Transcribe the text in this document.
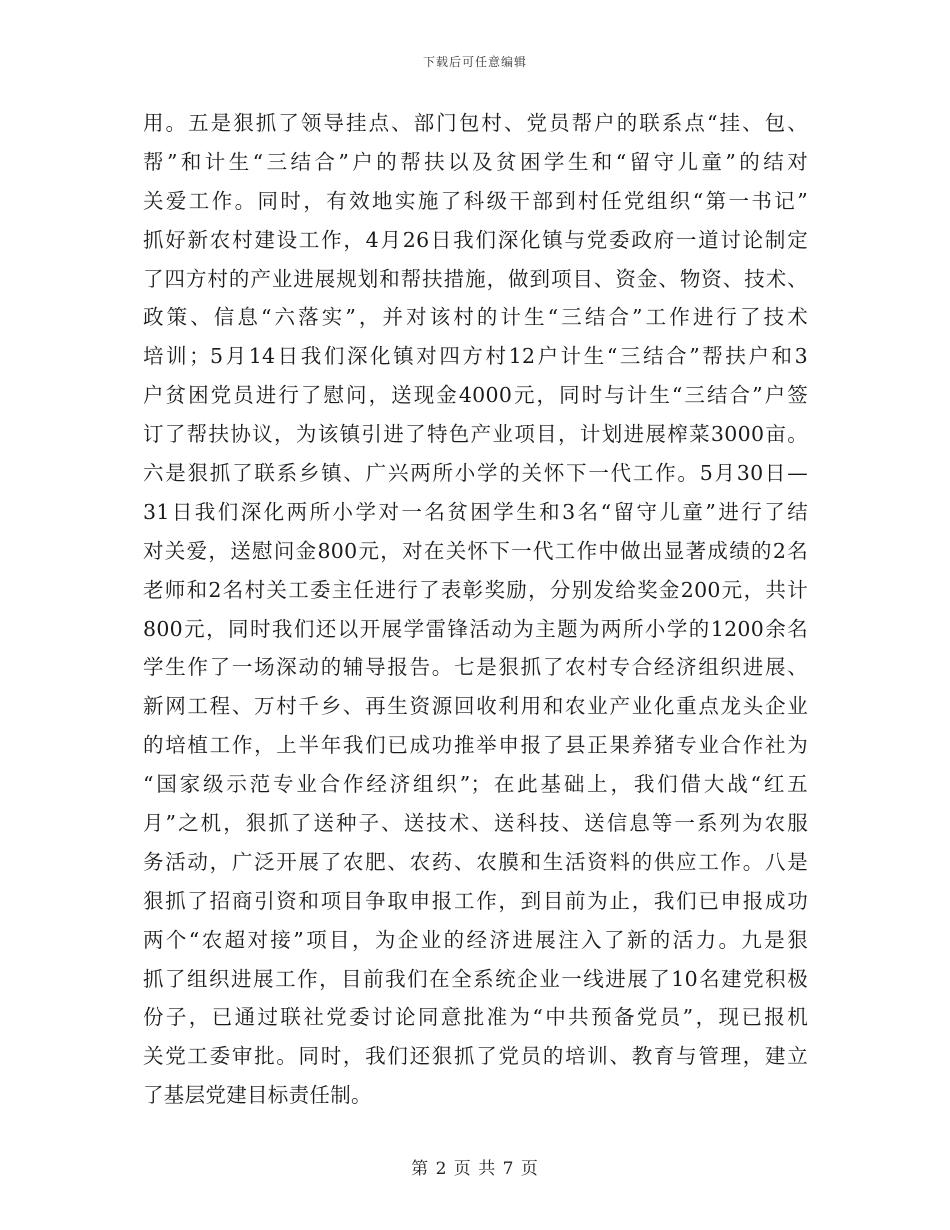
下载后可任意编辑
用。五是狠抓了领导挂点、部门包村、党员帮户的联系点“挂、包、
帮”和计生“三结合”户的帮扶以及贫困学生和“留守儿童”的结对
关爱工作。同时，有效地实施了科级干部到村任党组织“第一书记”
抓好新农村建设工作，4月26日我们深化镇与党委政府一道讨论制定
了四方村的产业进展规划和帮扶措施，做到项目、资金、物资、技术、
政策、信息“六落实”，并对该村的计生“三结合”工作进行了技术
培训；5月14日我们深化镇对四方村12户计生“三结合”帮扶户和3
户贫困党员进行了慰问，送现金4000元，同时与计生“三结合”户签
订了帮扶协议，为该镇引进了特色产业项目，计划进展榨菜3000亩。
六是狠抓了联系乡镇、广兴两所小学的关怀下一代工作。5月30日—
31日我们深化两所小学对一名贫困学生和3名“留守儿童”进行了结
对关爱，送慰问金800元，对在关怀下一代工作中做出显著成绩的2名
老师和2名村关工委主任进行了表彰奖励，分别发给奖金200元，共计
800元，同时我们还以开展学雷锋活动为主题为两所小学的1200余名
学生作了一场深动的辅导报告。七是狠抓了农村专合经济组织进展、
新网工程、万村千乡、再生资源回收利用和农业产业化重点龙头企业
的培植工作，上半年我们已成功推举申报了县正果养猪专业合作社为
“国家级示范专业合作经济组织”；在此基础上，我们借大战“红五
月”之机，狠抓了送种子、送技术、送科技、送信息等一系列为农服
务活动，广泛开展了农肥、农药、农膜和生活资料的供应工作。八是
狠抓了招商引资和项目争取申报工作，到目前为止，我们已申报成功
两个“农超对接”项目，为企业的经济进展注入了新的活力。九是狠
抓了组织进展工作，目前我们在全系统企业一线进展了10名建党积极
份子，已通过联社党委讨论同意批准为“中共预备党员”，现已报机
关党工委审批。同时，我们还狠抓了党员的培训、教育与管理，建立
了基层党建目标责任制。
第 2 页 共 7 页
